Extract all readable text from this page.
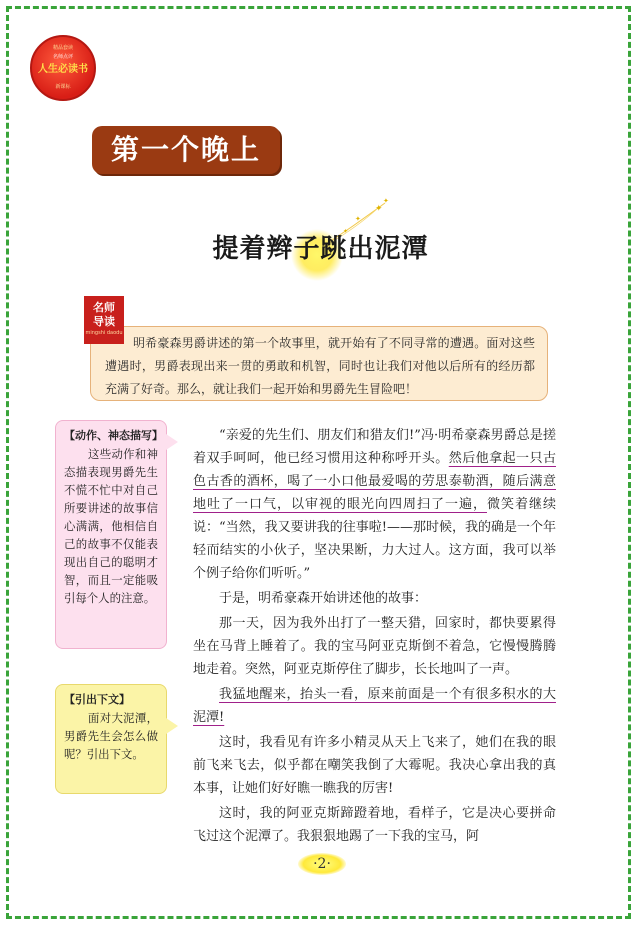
精品套读
名师点评
人生必读书
新课标
第一个晚上
✦
✦
✦
✦
提着辫子跳出泥潭
明希豪森男爵讲述的第一个故事里，就开始有了不同寻常的遭遇。面对这些遭遇时，男爵表现出来一贯的勇敢和机智，同时也让我们对他以后所有的经历都充满了好奇。那么，就让我们一起开始和男爵先生冒险吧！
名师
导读
mingshi daodu
【动作、神态描写】
这些动作和神态描表现男爵先生不慌不忙中对自己所要讲述的故事信心满满，他相信自己的故事不仅能表现出自己的聪明才智，而且一定能吸引每个人的注意。
【引出下文】
面对大泥潭，男爵先生会怎么做呢？引出下文。

“亲爱的先生们、朋友们和猎友们!”冯·明希豪森男爵总是搓着双手呵呵，他已经习惯用这种称呼开头。然后他拿起一只古色古香的酒杯，喝了一小口他最爱喝的劳思泰勒酒，随后满意地吐了一口气，以审视的眼光向四周扫了一遍，微笑着继续说：“当然，我又要讲我的往事啦!——那时候，我的确是一个年轻而结实的小伙子，坚决果断，力大过人。这方面，我可以举个例子给你们听听。”

于是，明希豪森开始讲述他的故事：

那一天，因为我外出打了一整天猎，回家时，都快要累得坐在马背上睡着了。我的宝马阿亚克斯倒不着急，它慢慢腾腾地走着。突然，阿亚克斯停住了脚步，长长地叫了一声。

我猛地醒来，抬头一看，原来前面是一个有很多积水的大泥潭!

这时，我看见有许多小精灵从天上飞来了，她们在我的眼前飞来飞去，似乎都在嘲笑我倒了大霉呢。我决心拿出我的真本事，让她们好好瞧一瞧我的厉害!

这时，我的阿亚克斯蹄蹬着地，看样子，它是决心要拼命飞过这个泥潭了。我狠狠地踢了一下我的宝马，阿

·2·
